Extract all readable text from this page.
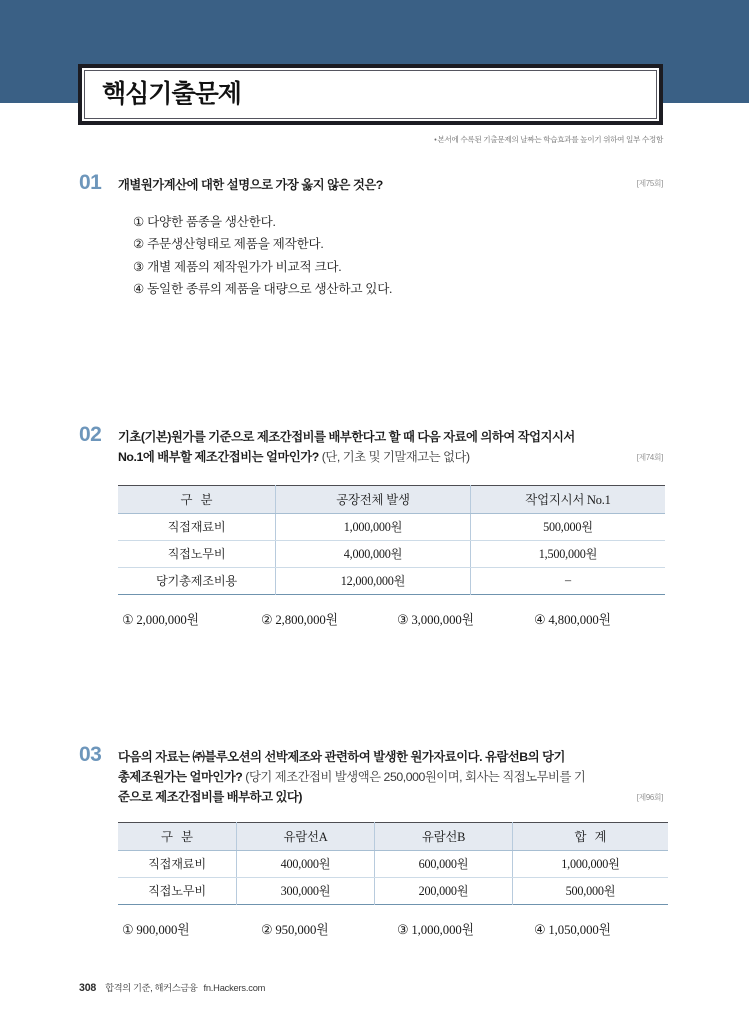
핵심기출문제
•본서에 수록된 기출문제의 날짜는 학습효과를 높이기 위하여 일부 수정함
01	[제75회]
개별원가계산에 대한 설명으로 가장 옳지 않은 것은?
① 다양한 품종을 생산한다.
② 주문생산형태로 제품을 제작한다.
③ 개별 제품의 제작원가가 비교적 크다.
④ 동일한 종류의 제품을 대량으로 생산하고 있다.
02
[제74회]
기초(기본)원가를 기준으로 제조간접비를 배부한다고 할 때 다음 자료에 의하여 작업지시서
No.1에 배부할 제조간접비는 얼마인가? (단, 기초 및 기말재고는 없다)
구 분	공장전체 발생	작업지시서 No.1
직접재료비	1,000,000원	500,000원
직접노무비	4,000,000원	1,500,000원
당기총제조비용	12,000,000원	–
① 2,000,000원	② 2,800,000원	③ 3,000,000원	④ 4,800,000원
03
[제96회]
다음의 자료는 ㈜블루오션의 선박제조와 관련하여 발생한 원가자료이다. 유람선B의 당기
총제조원가는 얼마인가? (당기 제조간접비 발생액은 250,000원이며, 회사는 직접노무비를 기
준으로 제조간접비를 배부하고 있다)
구 분	유람선A	유람선B	합 계
직접재료비	400,000원	600,000원	1,000,000원
직접노무비	300,000원	200,000원	500,000원
① 900,000원	② 950,000원	③ 1,000,000원	④ 1,050,000원
308 합격의 기준, 해커스금융 fn.Hackers.com
